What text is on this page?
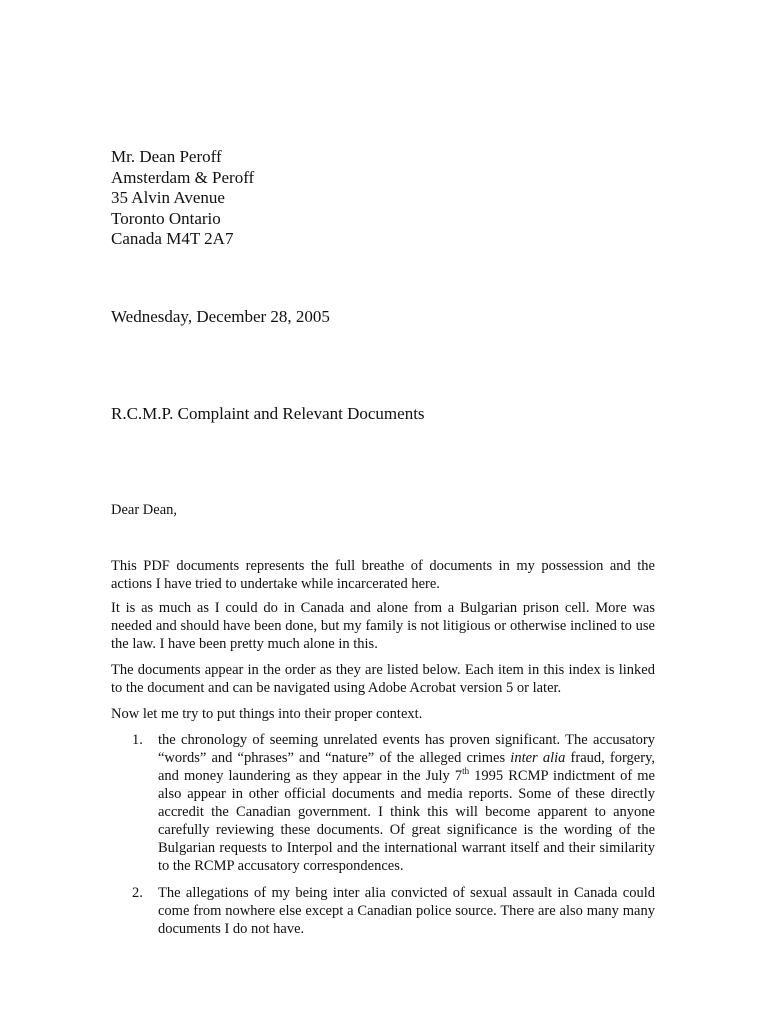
Mr. Dean Peroff
Amsterdam & Peroff
35 Alvin Avenue
Toronto Ontario
Canada M4T 2A7
Wednesday, December 28, 2005
R.C.M.P. Complaint and Relevant Documents
Dear Dean,

This PDF documents represents the full breathe of documents in my possession and the actions I have tried to undertake while incarcerated here.

It is as much as I could do in Canada and alone from a Bulgarian prison cell. More was needed and should have been done, but my family is not litigious or otherwise inclined to use the law. I have been pretty much alone in this.

The documents appear in the order as they are listed below. Each item in this index is linked to the document and can be navigated using Adobe Acrobat version 5 or later.

Now let me try to put things into their proper context.

1. the chronology of seeming unrelated events has proven significant. The accusatory “words” and “phrases” and “nature” of the alleged crimes inter alia fraud, forgery, and money laundering as they appear in the July 7th 1995 RCMP indictment of me also appear in other official documents and media reports. Some of these directly accredit the Canadian government. I think this will become apparent to anyone carefully reviewing these documents. Of great significance is the wording of the Bulgarian requests to Interpol and the international warrant itself and their similarity to the RCMP accusatory correspondences.
2. The allegations of my being inter alia convicted of sexual assault in Canada could come from nowhere else except a Canadian police source. There are also many many documents I do not have.
